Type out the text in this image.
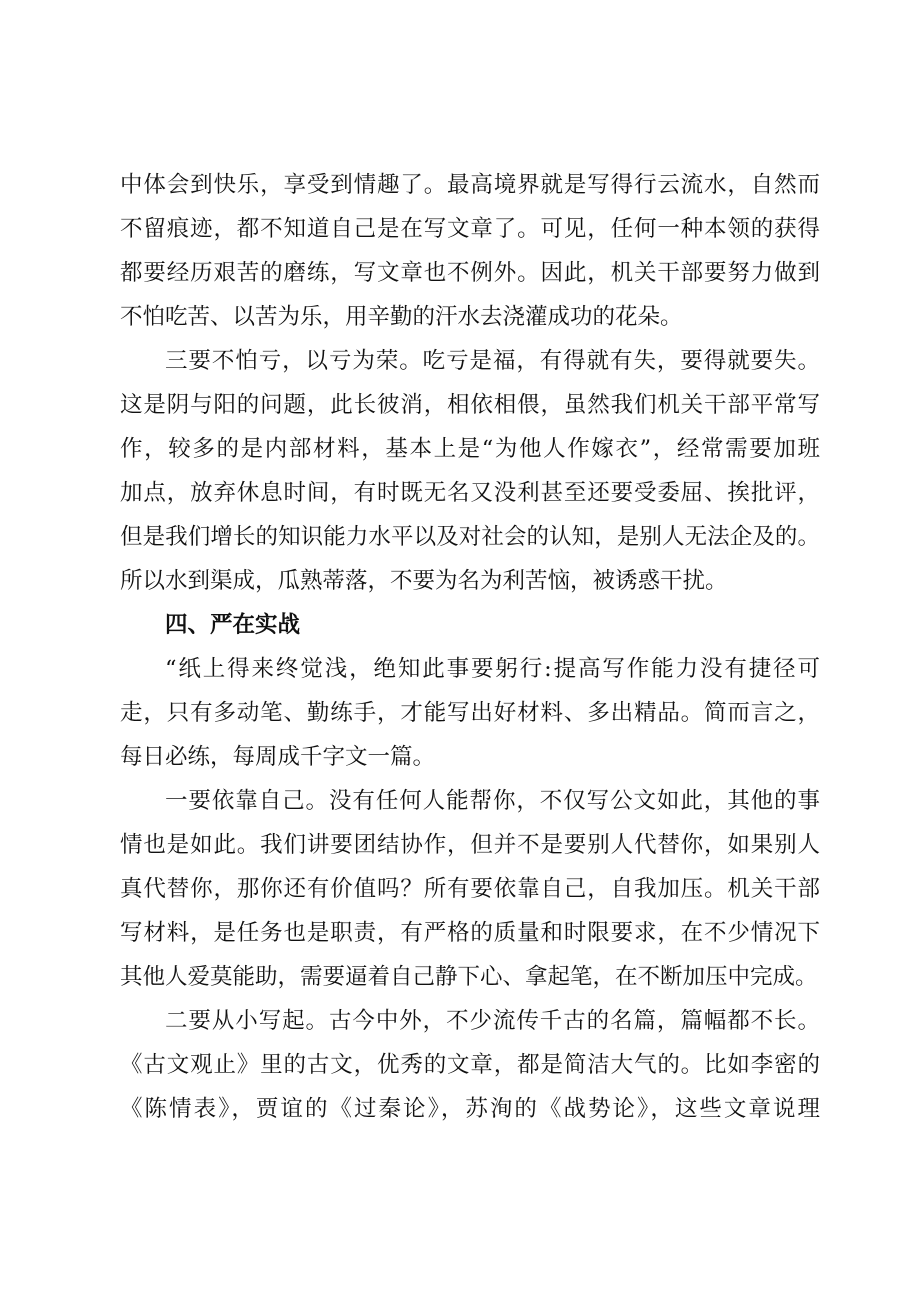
中体会到快乐，享受到情趣了。最高境界就是写得行云流水，自然而
不留痕迹，都不知道自己是在写文章了。可见，任何一种本领的获得
都要经历艰苦的磨练，写文章也不例外。因此，机关干部要努力做到
不怕吃苦、以苦为乐，用辛勤的汗水去浇灌成功的花朵。
三要不怕亏，以亏为荣。吃亏是福，有得就有失，要得就要失。
这是阴与阳的问题，此长彼消，相依相偎，虽然我们机关干部平常写
作，较多的是内部材料，基本上是“为他人作嫁衣”，经常需要加班
加点，放弃休息时间，有时既无名又没利甚至还要受委屈、挨批评，
但是我们增长的知识能力水平以及对社会的认知，是别人无法企及的。
所以水到渠成，瓜熟蒂落，不要为名为利苦恼，被诱惑干扰。
四、严在实战
“纸上得来终觉浅，绝知此事要躬行:提高写作能力没有捷径可
走，只有多动笔、勤练手，才能写出好材料、多出精品。简而言之，
每日必练，每周成千字文一篇。
一要依靠自己。没有任何人能帮你，不仅写公文如此，其他的事
情也是如此。我们讲要团结协作，但并不是要别人代替你，如果别人
真代替你，那你还有价值吗？所有要依靠自己，自我加压。机关干部
写材料，是任务也是职责，有严格的质量和时限要求，在不少情况下
其他人爱莫能助，需要逼着自己静下心、拿起笔，在不断加压中完成。
二要从小写起。古今中外，不少流传千古的名篇，篇幅都不长。
《古文观止》里的古文，优秀的文章，都是简洁大气的。比如李密的
《陈情表》，贾谊的《过秦论》，苏洵的《战势论》，这些文章说理
